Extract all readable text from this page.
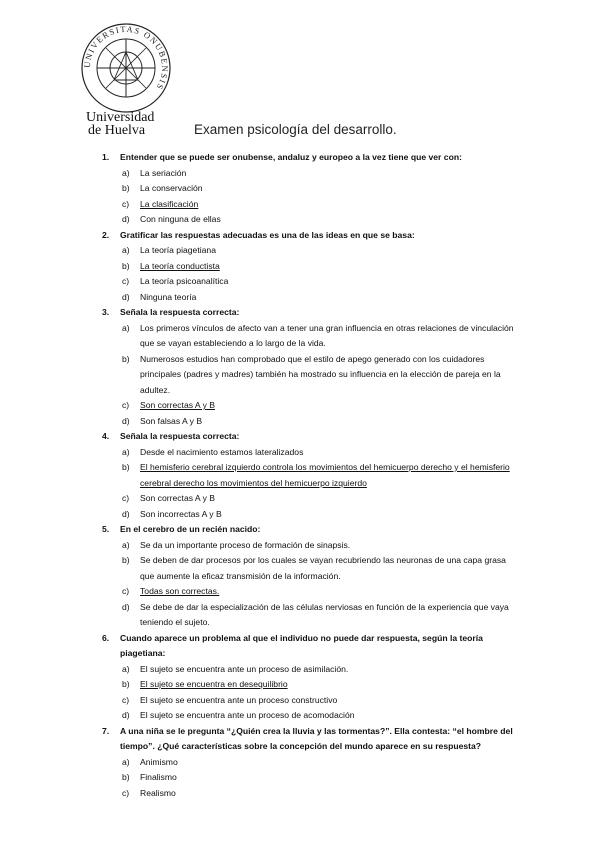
UNIVERSITAS ONUBENSIS
Universidad
de Huelva	Examen psicología del desarrollo.
1. Entender que se puede ser onubense, andaluz y europeo a la vez tiene que ver con:
a) La seriación
b) La conservación
c) La clasificación
d) Con ninguna de ellas
2. Gratificar las respuestas adecuadas es una de las ideas en que se basa:
a) La teoría piagetiana
b) La teoría conductista
c) La teoría psicoanalítica
d) Ninguna teoría
3. Señala la respuesta correcta:
a) Los primeros vínculos de afecto van a tener una gran influencia en otras relaciones de vinculación que se vayan estableciendo a lo largo de la vida.
b) Numerosos estudios han comprobado que el estilo de apego generado con los cuidadores principales (padres y madres) también ha mostrado su influencia en la elección de pareja en la adultez.
c) Son correctas A y B
d) Son falsas A y B
4. Señala la respuesta correcta:
a) Desde el nacimiento estamos lateralizados
b) El hemisferio cerebral izquierdo controla los movimientos del hemicuerpo derecho y el hemisferio cerebral derecho los movimientos del hemicuerpo izquierdo
c) Son correctas A y B
d) Son incorrectas A y B
5. En el cerebro de un recién nacido:
a) Se da un importante proceso de formación de sinapsis.
b) Se deben de dar procesos por los cuales se vayan recubriendo las neuronas de una capa grasa que aumente la eficaz transmisión de la información.
c) Todas son correctas.
d) Se debe de dar la especialización de las células nerviosas en función de la experiencia que vaya teniendo el sujeto.
6. Cuando aparece un problema al que el individuo no puede dar respuesta, según la teoría piagetiana:
a) El sujeto se encuentra ante un proceso de asimilación.
b) El sujeto se encuentra en desequilibrio
c) El sujeto se encuentra ante un proceso constructivo
d) El sujeto se encuentra ante un proceso de acomodación
7. A una niña se le pregunta “¿Quién crea la lluvia y las tormentas?”. Ella contesta: “el hombre del tiempo”. ¿Qué características sobre la concepción del mundo aparece en su respuesta?
a) Animismo
b) Finalismo
c) Realismo
